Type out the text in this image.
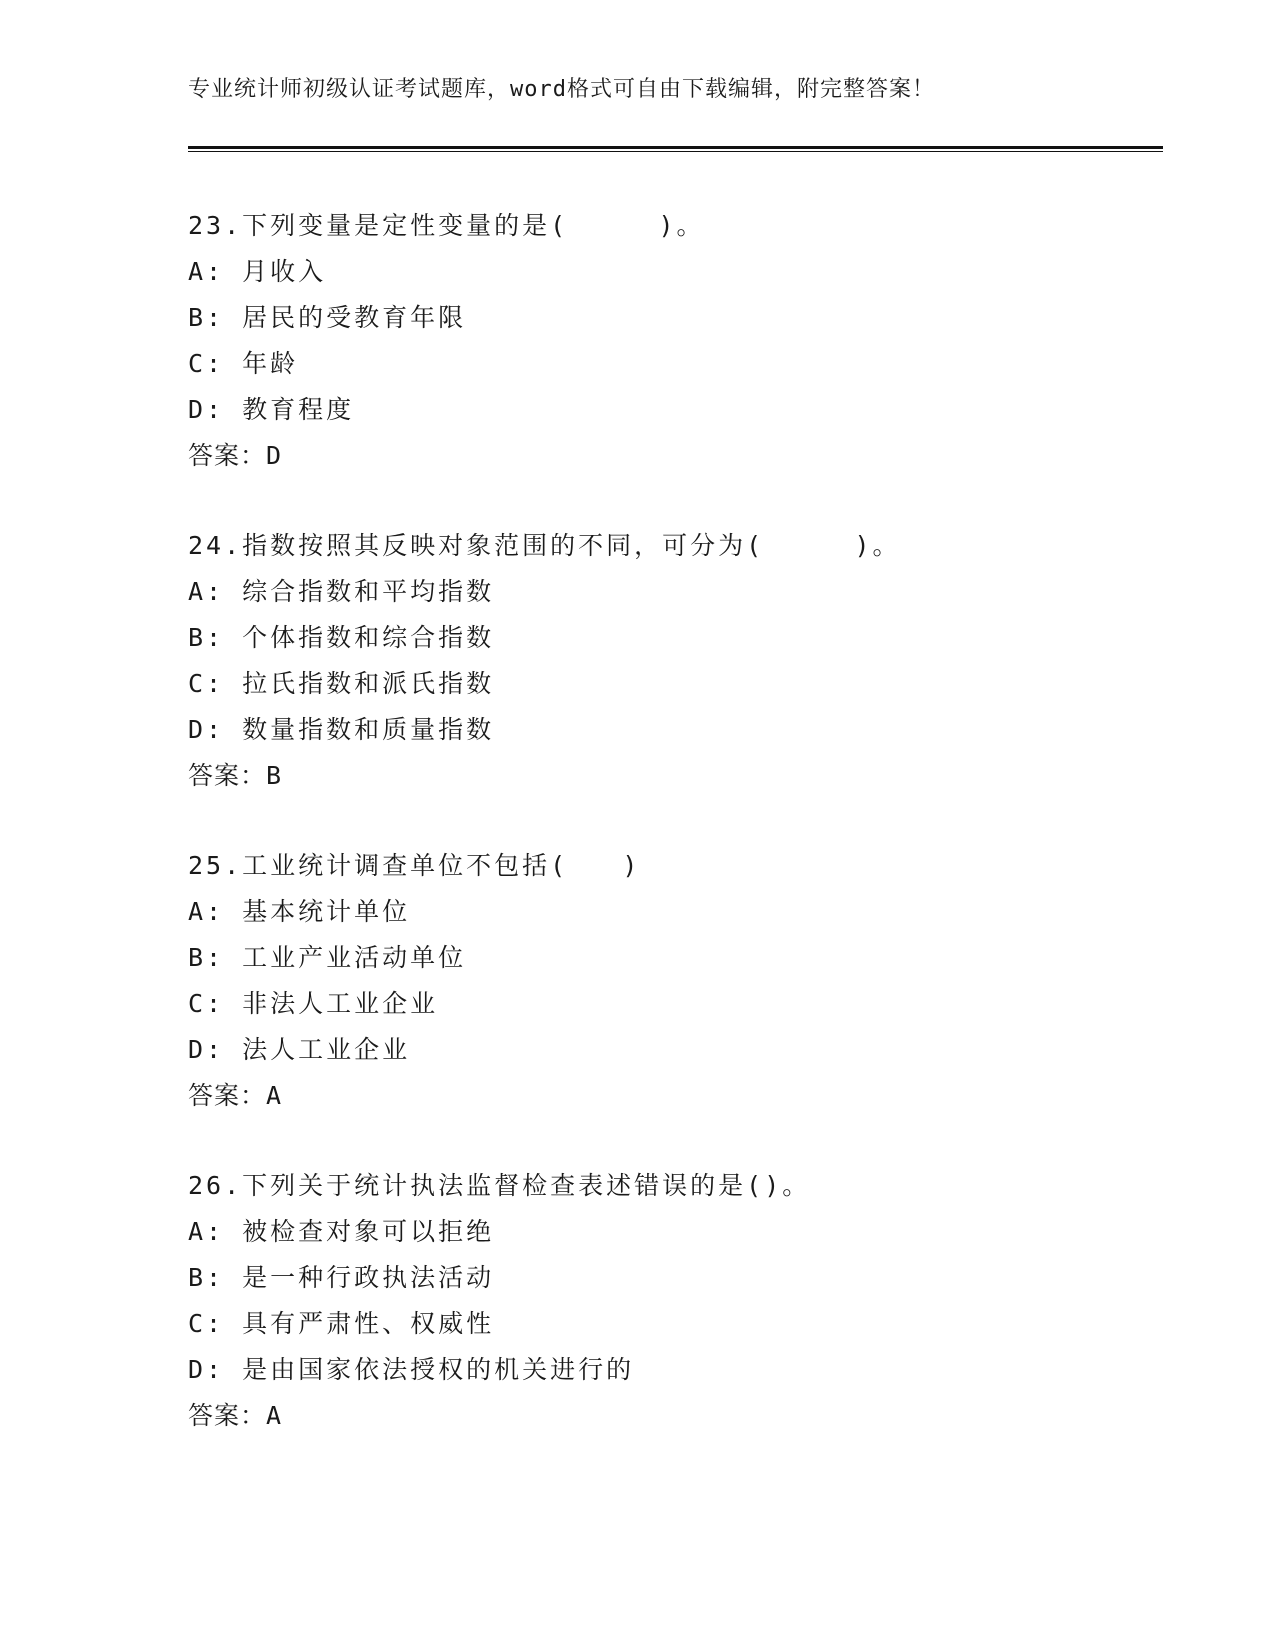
专业统计师初级认证考试题库，word格式可自由下载编辑，附完整答案！
23.下列变量是定性变量的是(     )。
A: 月收入
B: 居民的受教育年限
C: 年龄
D: 教育程度
答案：D
24.指数按照其反映对象范围的不同，可分为(     )。
A: 综合指数和平均指数
B: 个体指数和综合指数
C: 拉氏指数和派氏指数
D: 数量指数和质量指数
答案：B
25.工业统计调查单位不包括(   )
A: 基本统计单位
B: 工业产业活动单位
C: 非法人工业企业
D: 法人工业企业
答案：A
26.下列关于统计执法监督检查表述错误的是()。
A: 被检查对象可以拒绝
B: 是一种行政执法活动
C: 具有严肃性、权威性
D: 是由国家依法授权的机关进行的
答案：A
